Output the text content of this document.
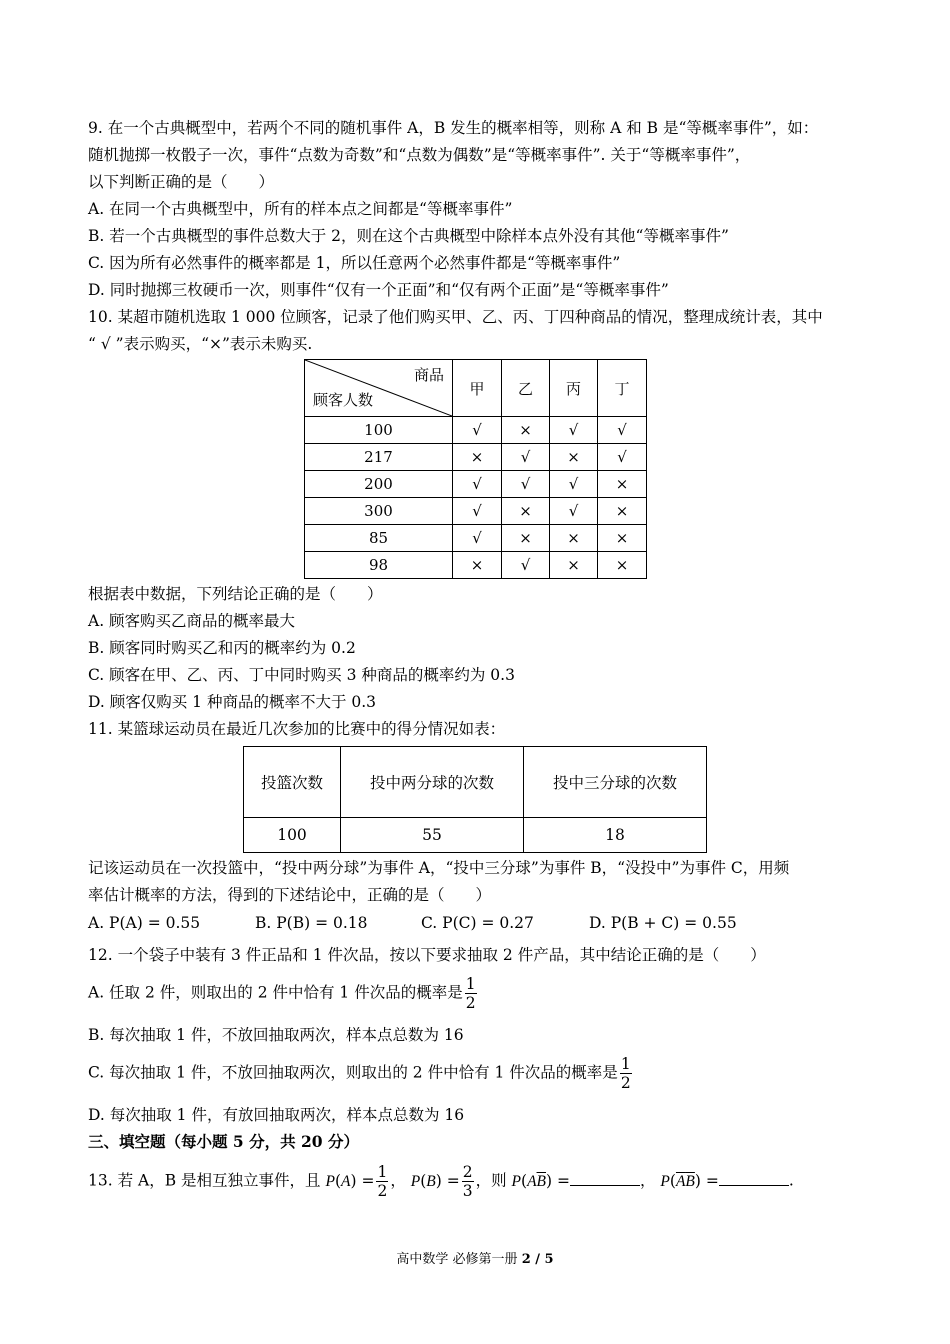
9. 在一个古典概型中，若两个不同的随机事件 A，B 发生的概率相等，则称 A 和 B 是“等概率事件”，如：
随机抛掷一枚骰子一次，事件“点数为奇数”和“点数为偶数”是“等概率事件”. 关于“等概率事件”，
以下判断正确的是（　　）
A. 在同一个古典概型中，所有的样本点之间都是“等概率事件”
B. 若一个古典概型的事件总数大于 2，则在这个古典概型中除样本点外没有其他“等概率事件”
C. 因为所有必然事件的概率都是 1，所以任意两个必然事件都是“等概率事件”
D. 同时抛掷三枚硬币一次，则事件“仅有一个正面”和“仅有两个正面”是“等概率事件”
10. 某超市随机选取 1 000 位顾客，记录了他们购买甲、乙、丙、丁四种商品的情况，整理成统计表，其中
“ √ ”表示购买，“×”表示未购买.
商品
顾客人数	甲	乙	丙	丁
100	√	×	√	√
217	×	√	×	√
200	√	√	√	×
300	√	×	√	×
85	√	×	×	×
98	×	√	×	×
根据表中数据，下列结论正确的是（　　）
A. 顾客购买乙商品的概率最大
B. 顾客同时购买乙和丙的概率约为 0.2
C. 顾客在甲、乙、丙、丁中同时购买 3 种商品的概率约为 0.3
D. 顾客仅购买 1 种商品的概率不大于 0.3
11. 某篮球运动员在最近几次参加的比赛中的得分情况如表：
投篮次数	投中两分球的次数	投中三分球的次数
100	55	18
记该运动员在一次投篮中，“投中两分球”为事件 A，“投中三分球”为事件 B，“没投中”为事件 C，用频
率估计概率的方法，得到的下述结论中，正确的是（　　）
A. P(A) = 0.55	B. P(B) = 0.18	C. P(C) = 0.27	D. P(B + C) = 0.55
12. 一个袋子中装有 3 件正品和 1 件次品，按以下要求抽取 2 件产品，其中结论正确的是（　　）
A. 任取 2 件，则取出的 2 件中恰有 1 件次品的概率是 $\frac{1}{2}$
B. 每次抽取 1 件，不放回抽取两次，样本点总数为 16
C. 每次抽取 1 件，不放回抽取两次，则取出的 2 件中恰有 1 件次品的概率是 $\frac{1}{2}$
D. 每次抽取 1 件，有放回抽取两次，样本点总数为 16
三、填空题（每小题 5 分，共 20 分）
13. 若 A，B 是相互独立事件，且 $P(A) = \frac{1}{2}$ ， $P(B) = \frac{2}{3}$ ，则 $P(A\overline{B})$ =	， $P(\overline{A}\overline{B})$ =	.
高中数学 必修第一册 2 / 5
